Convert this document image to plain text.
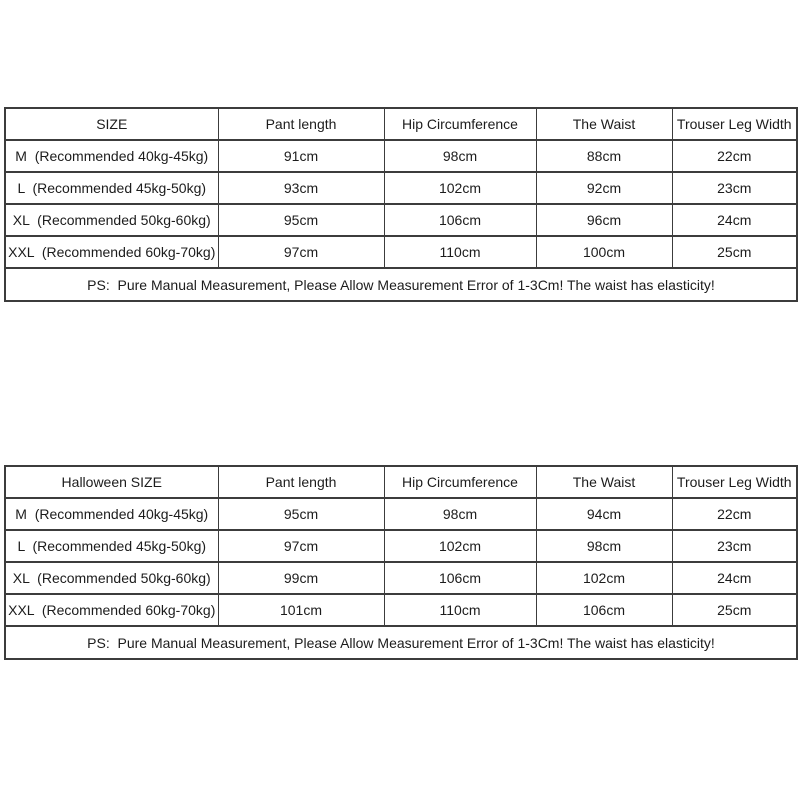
SIZE	Pant length	Hip Circumference	The Waist	Trouser Leg Width
M  (Recommended 40kg-45kg)	91cm	98cm	88cm	22cm
L  (Recommended 45kg-50kg)	93cm	102cm	92cm	23cm
XL  (Recommended 50kg-60kg)	95cm	106cm	96cm	24cm
XXL  (Recommended 60kg-70kg)	97cm	110cm	100cm	25cm
PS:  Pure Manual Measurement, Please Allow Measurement Error of 1-3Cm! The waist has elasticity!				
Halloween SIZE	Pant length	Hip Circumference	The Waist	Trouser Leg Width
M  (Recommended 40kg-45kg)	95cm	98cm	94cm	22cm
L  (Recommended 45kg-50kg)	97cm	102cm	98cm	23cm
XL  (Recommended 50kg-60kg)	99cm	106cm	102cm	24cm
XXL  (Recommended 60kg-70kg)	101cm	110cm	106cm	25cm
PS:  Pure Manual Measurement, Please Allow Measurement Error of 1-3Cm! The waist has elasticity!				
